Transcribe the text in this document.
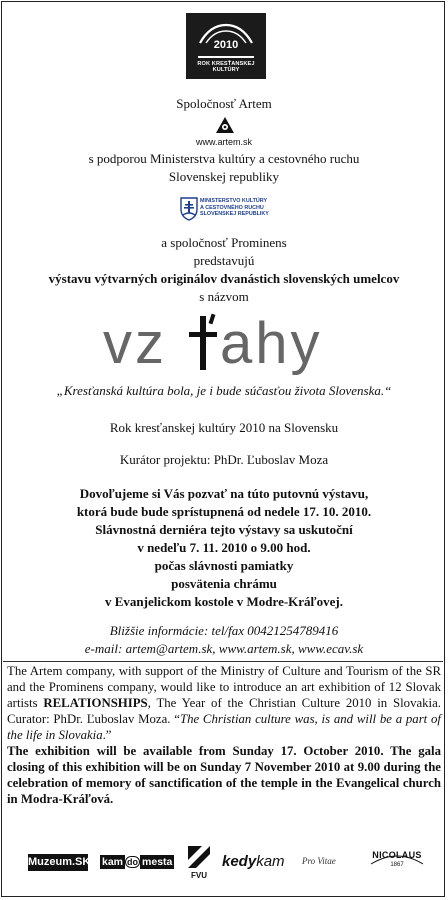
2010
ROK KRESŤANSKEJ KULTÚRY
Spoločnosť Artem
www.artem.sk
s podporou Ministerstva kultúry a cestovného ruchu
Slovenskej republiky
MINISTERSTVO KULTÚRY
A CESTOVNÉHO RUCHU
SLOVENSKEJ REPUBLIKY
a spoločnosť Prominens
predstavujú
výstavu výtvarných originálov dvanástich slovenských umelcov
s názvom
vz ahy
„Kresťanská kultúra bola, je i bude súčasťou života Slovenska.“
Rok kresťanskej kultúry 2010 na Slovensku
Kurátor projektu: PhDr. Ľuboslav Moza
Dovoľujeme si Vás pozvať na túto putovnú výstavu,
ktorá bude bude sprístupnená od nedele 17. 10. 2010.
Slávnostná derniéra tejto výstavy sa uskutoční
v nedeľu 7. 11. 2010 o 9.00 hod.
počas slávnosti pamiatky
posvätenia chrámu
v Evanjelickom kostole v Modre-Kráľovej.
Bližšie informácie: tel/fax 00421254789416
e-mail: artem@artem.sk, www.artem.sk, www.ecav.sk

The Artem company, with support of the Ministry of Culture and Tourism of the SR and the Prominens company, would like to introduce an art exhibition of 12 Slovak artists RELATIONSHIPS, The Year of the Christian Culture 2010 in Slovakia. Curator: PhDr. Ľuboslav Moza. “The Christian culture was, is and will be a part of the life in Slovakia.”

The exhibition will be available from Sunday 17. October 2010. The gala closing of this exhibition will be on Sunday 7 November 2010 at 9.00 during the celebration of memory of sanctification of the temple in the Evangelical church in Modra-Kráľová.

Muzeum.SK kam do mesta
FVU
kedykam Pro Vitae
NICOLAUS
1867
